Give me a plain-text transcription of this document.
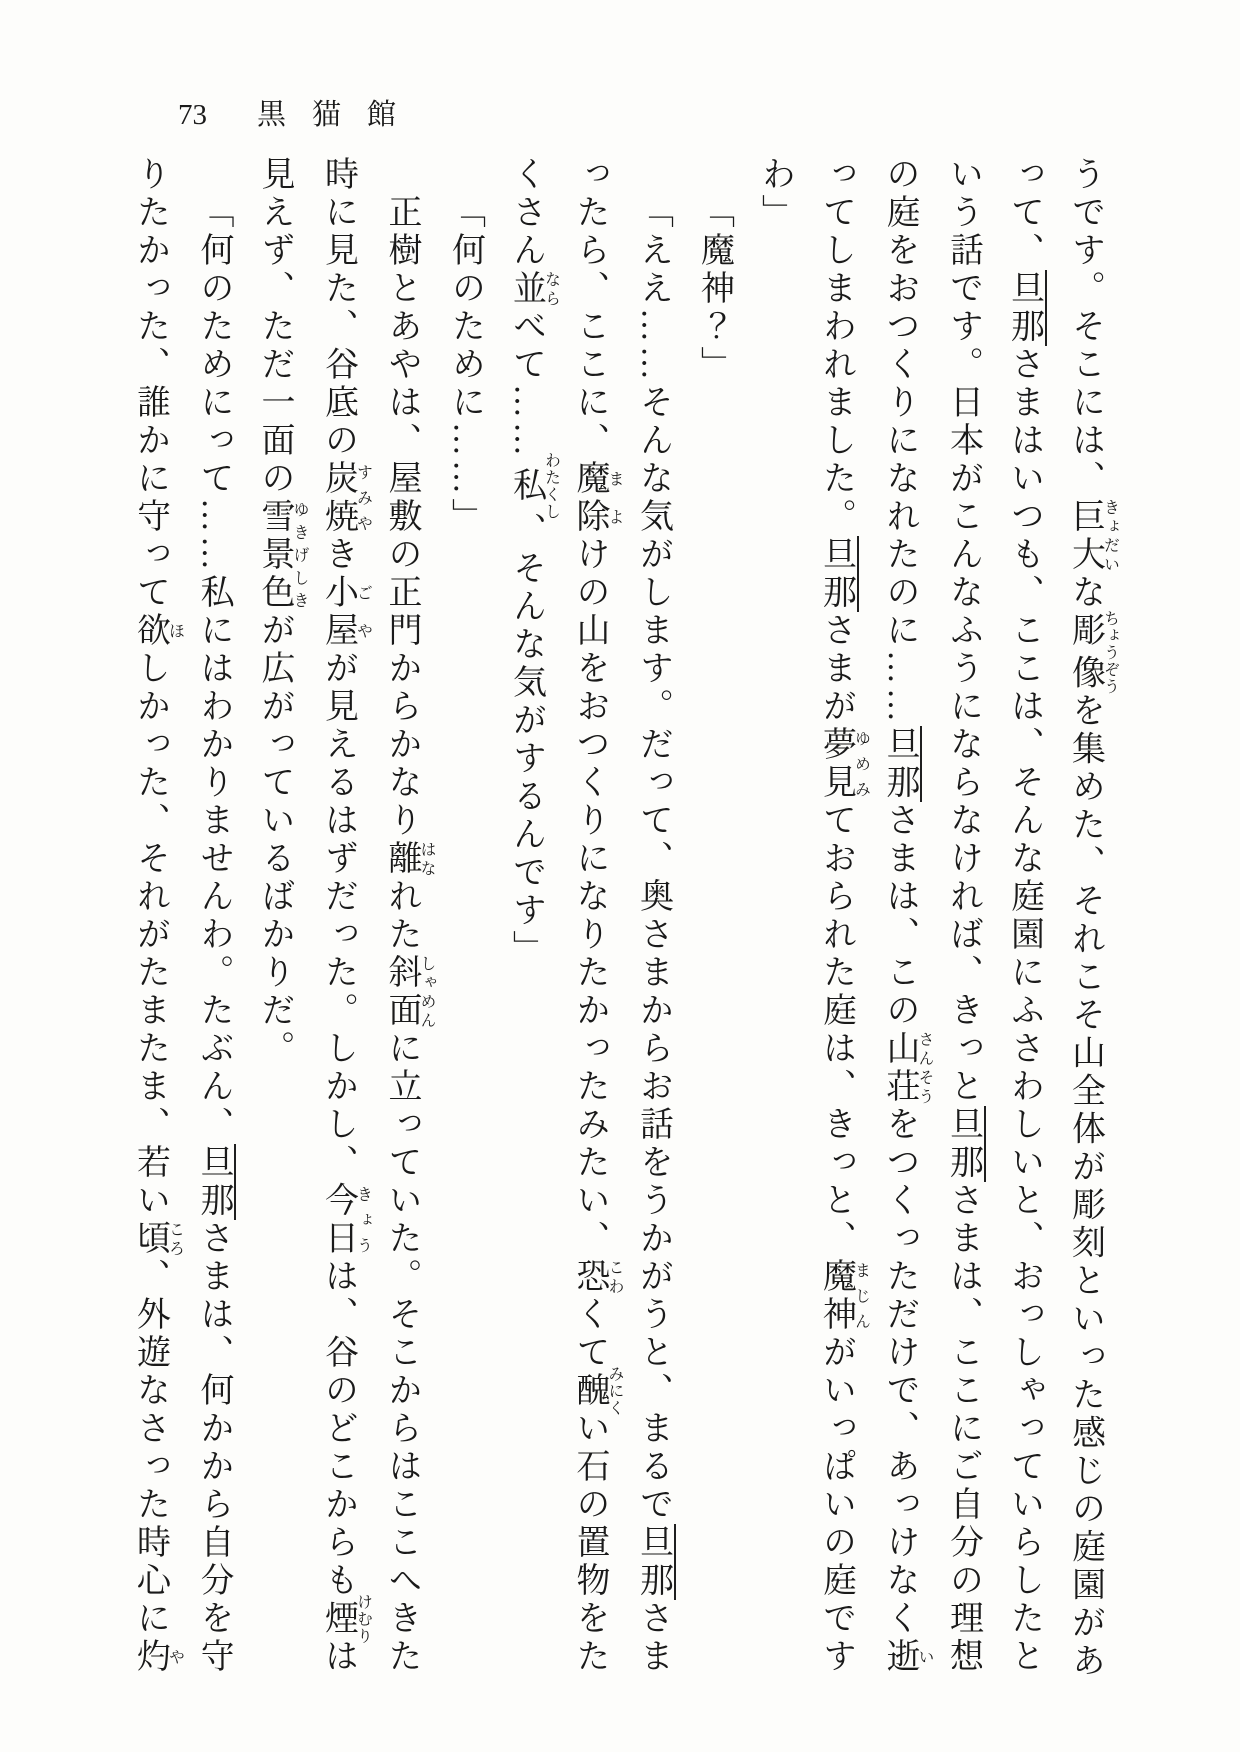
73 黒猫館
うです。そこには、巨大きょだいな彫像ちょうぞうを集めた、それこそ山全体が彫刻といった感じの庭園があ
って、旦那さまはいつも、ここは、そんな庭園にふさわしいと、おっしゃっていらしたと
いう話です。日本がこんなふうにならなければ、きっと旦那さまは、ここにご自分の理想
の庭をおつくりになれたのに……旦那さまは、この山荘さんそうをつくっただけで、あっけなく逝い
ってしまわれました。旦那さまが夢見ゆめみておられた庭は、きっと、魔神まじんがいっぱいの庭です
わ」
「魔神？」
「ええ……そんな気がします。だって、奥さまからお話をうかがうと、まるで旦那さま
ったら、ここに、魔除まよけの山をおつくりになりたかったみたい、恐こわくて醜みにくい石の置物をた
くさん並ならべて……私わたくし、そんな気がするんです」
「何のために……」
正樹とあやは、屋敷の正門からかなり離はなれた斜面しゃめんに立っていた。そこからはここへきた
時に見た、谷底の炭焼すみやき小屋ごやが見えるはずだった。しかし、今日きょうは、谷のどこからも煙けむりは
見えず、ただ一面の雪景色ゆきげしきが広がっているばかりだ。
「何のためにって……私にはわかりませんわ。たぶん、旦那さまは、何かから自分を守
りたかった、誰かに守って欲ほしかった、それがたまたま、若い頃ころ、外遊なさった時心に灼や
